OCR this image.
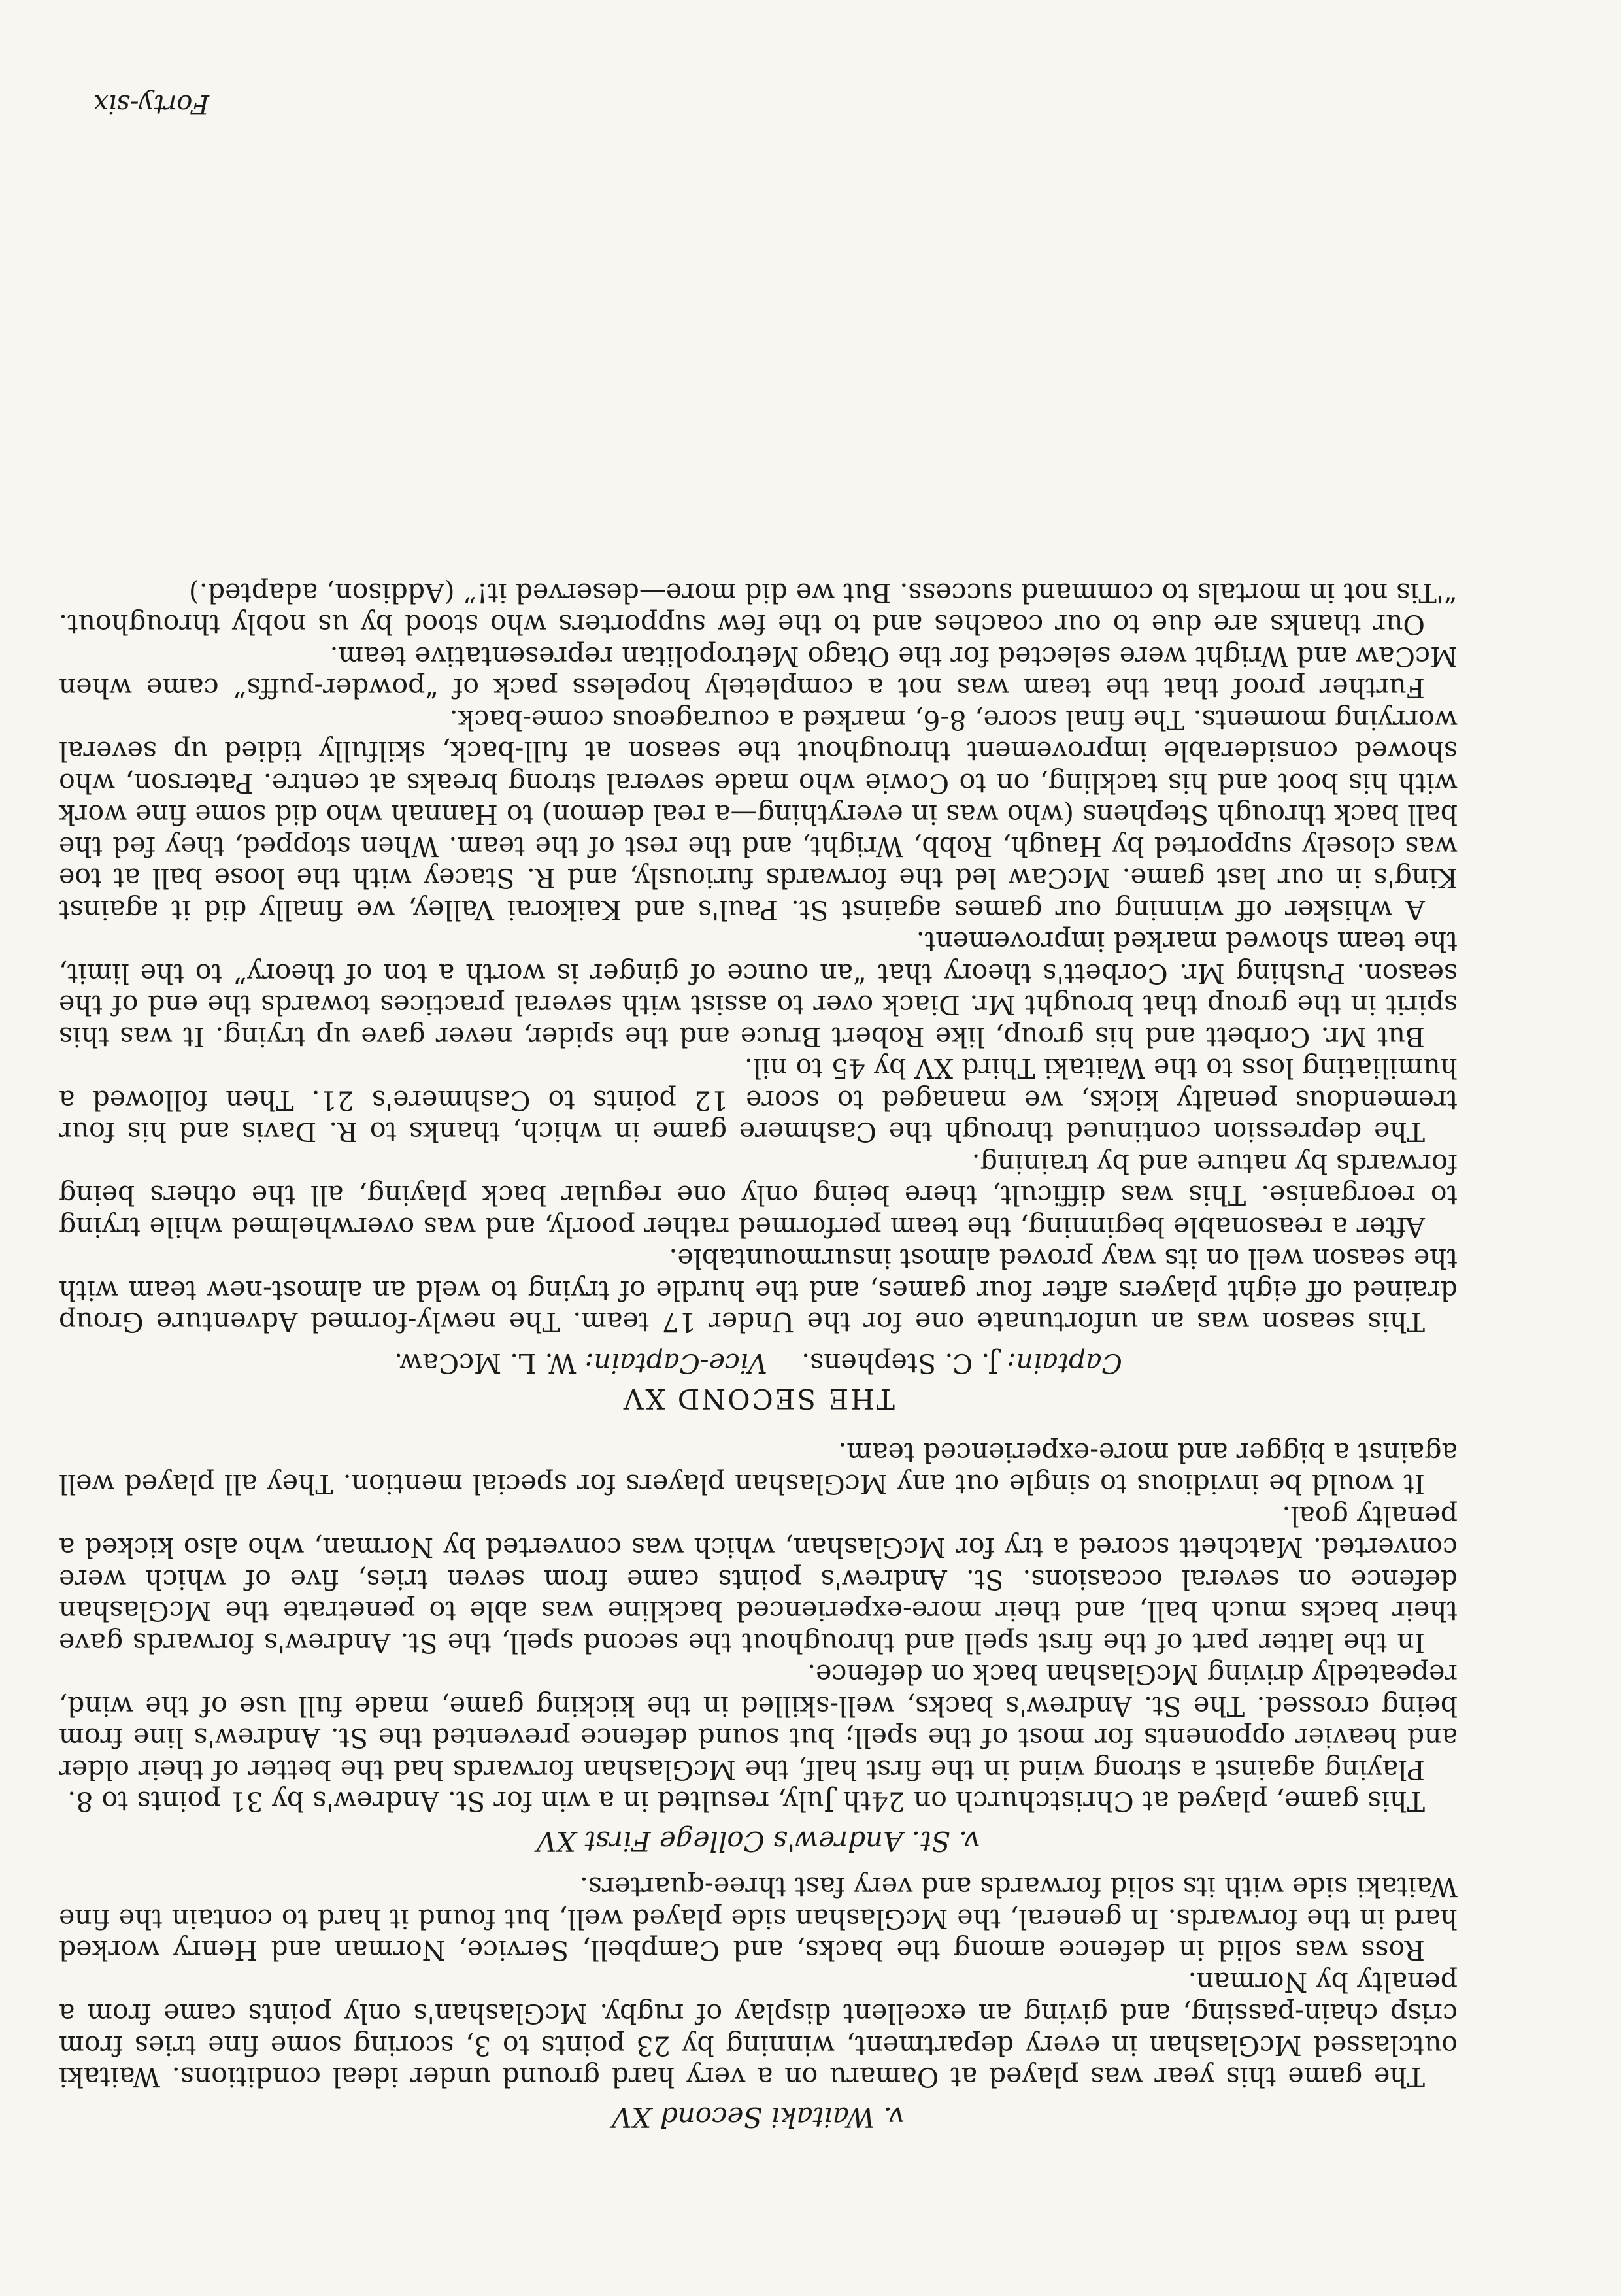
v. Waitaki Second XV

The game this year was played at Oamaru on a very hard ground under ideal conditions. Waitaki outclassed McGlashan in every department, winning by 23 points to 3, scoring some fine tries from crisp chain-passing, and giving an excellent display of rugby. McGlashan's only points came from a penalty by Norman.

Ross was solid in defence among the backs, and Campbell, Service, Norman and Henry worked hard in the forwards. In general, the McGlashan side played well, but found it hard to contain the fine Waitaki side with its solid forwards and very fast three-quarters.

v. St. Andrew's College First XV

This game, played at Christchurch on 24th July, resulted in a win for St. Andrew's by 31 points to 8.

Playing against a strong wind in the first half, the McGlashan forwards had the better of their older and heavier opponents for most of the spell; but sound defence prevented the St. Andrew's line from being crossed. The St. Andrew's backs, well-skilled in the kicking game, made full use of the wind, repeatedly driving McGlashan back on defence.

In the latter part of the first spell and throughout the second spell, the St. Andrew's forwards gave their backs much ball, and their more-experienced backline was able to penetrate the McGlashan defence on several occasions. St. Andrew's points came from seven tries, five of which were converted. Matchett scored a try for McGlashan, which was converted by Norman, who also kicked a penalty goal.

It would be invidious to single out any McGlashan players for special mention. They all played well against a bigger and more-experienced team.

THE SECOND XV
Captain: J. C. Stephens.    Vice-Captain: W. L. McCaw.

This season was an unfortunate one for the Under 17 team. The newly-formed Adventure Group drained off eight players after four games, and the hurdle of trying to weld an almost-new team with the season well on its way proved almost insurmountable.

After a reasonable beginning, the team performed rather poorly, and was overwhelmed while trying to reorganise. This was difficult, there being only one regular back playing, all the others being forwards by nature and by training.

The depression continued through the Cashmere game in which, thanks to R. Davis and his four tremendous penalty kicks, we managed to score 12 points to Cashmere's 21. Then followed a humiliating loss to the Waitaki Third XV by 45 to nil.

But Mr. Corbett and his group, like Robert Bruce and the spider, never gave up trying. It was this spirit in the group that brought Mr. Diack over to assist with several practices towards the end of the season. Pushing Mr. Corbett's theory that “an ounce of ginger is worth a ton of theory” to the limit, the team showed marked improvement.

A whisker off winning our games against St. Paul's and Kaikorai Valley, we finally did it against King's in our last game. McCaw led the forwards furiously, and R. Stacey with the loose ball at toe was closely supported by Haugh, Robb, Wright, and the rest of the team. When stopped, they fed the ball back through Stephens (who was in everything—a real demon) to Hannah who did some fine work with his boot and his tackling, on to Cowie who made several strong breaks at centre. Paterson, who showed considerable improvement throughout the season at full-back, skilfully tidied up several worrying moments. The final score, 8-6, marked a courageous come-back.

Further proof that the team was not a completely hopeless pack of “powder-puffs” came when McCaw and Wright were selected for the Otago Metropolitan representative team.

Our thanks are due to our coaches and to the few supporters who stood by us nobly throughout. “'Tis not in mortals to command success. But we did more—deserved it!” (Addison, adapted.)

Forty-six
